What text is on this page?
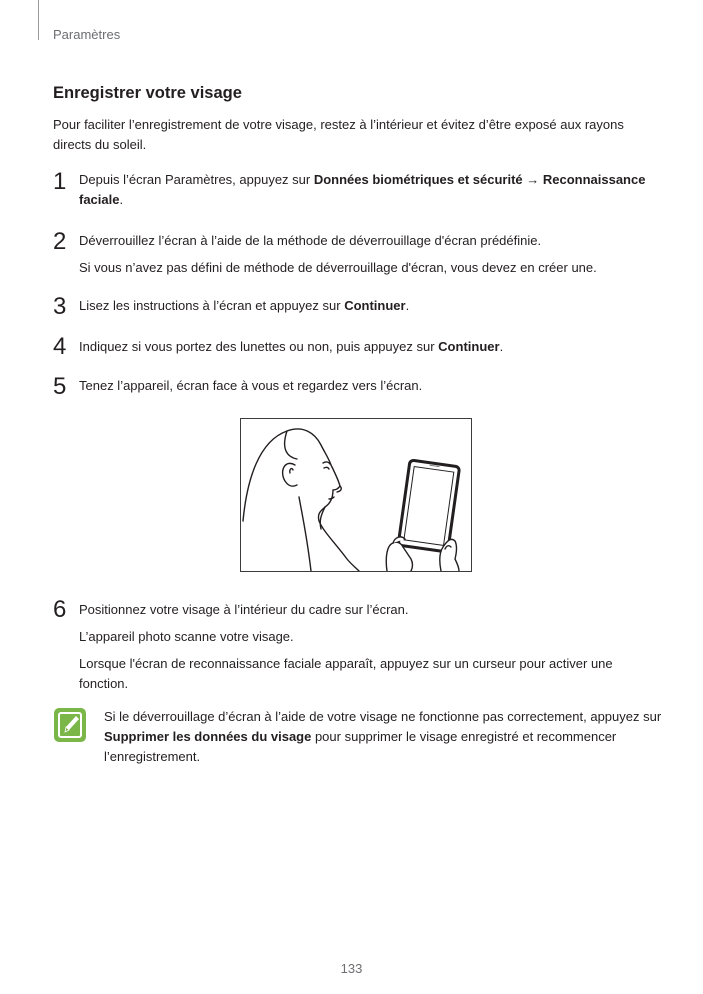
Paramètres
Enregistrer votre visage
Pour faciliter l’enregistrement de votre visage, restez à l’intérieur et évitez d’être exposé aux rayons directs du soleil.
1 Depuis l’écran Paramètres, appuyez sur Données biométriques et sécurité → Reconnaissance faciale.
2 Déverrouillez l’écran à l’aide de la méthode de déverrouillage d'écran prédéfinie.
Si vous n’avez pas défini de méthode de déverrouillage d'écran, vous devez en créer une.
3 Lisez les instructions à l’écran et appuyez sur Continuer.
4 Indiquez si vous portez des lunettes ou non, puis appuyez sur Continuer.
5 Tenez l’appareil, écran face à vous et regardez vers l’écran.
6 Positionnez votre visage à l’intérieur du cadre sur l’écran.
L’appareil photo scanne votre visage.
Lorsque l'écran de reconnaissance faciale apparaît, appuyez sur un curseur pour activer une fonction.
Si le déverrouillage d’écran à l’aide de votre visage ne fonctionne pas correctement, appuyez sur Supprimer les données du visage pour supprimer le visage enregistré et recommencer l’enregistrement.
133
